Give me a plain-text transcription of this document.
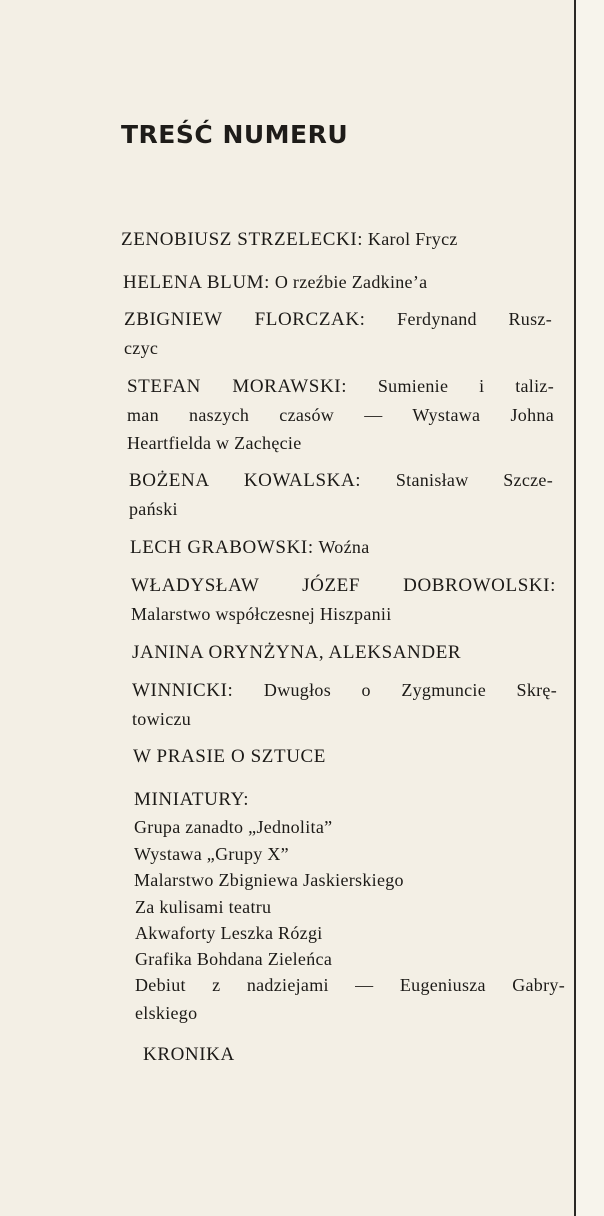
TREŚĆ NUMERU
ZENOBIUSZ STRZELECKI: Karol Frycz
HELENA BLUM: O rzeźbie Zadkine’a
ZBIGNIEW FLORCZAK: Ferdynand Rusz-
czyc
STEFAN MORAWSKI: Sumienie i taliz-
man naszych czasów — Wystawa Johna
Heartfielda w Zachęcie
BOŻENA KOWALSKA: Stanisław Szcze-
pański
LECH GRABOWSKI: Woźna
WŁADYSŁAW JÓZEF DOBROWOLSKI:
Malarstwo współczesnej Hiszpanii
JANINA ORYNŻYNA, ALEKSANDER
WINNICKI: Dwugłos o Zygmuncie Skrę-
towiczu
W PRASIE O SZTUCE
MINIATURY:
Grupa zanadto „Jednolita”
Wystawa „Grupy X”
Malarstwo Zbigniewa Jaskierskiego
Za kulisami teatru
Akwaforty Leszka Rózgi
Grafika Bohdana Zieleńca
Debiut z nadziejami — Eugeniusza Gabry-
elskiego
KRONIKA
